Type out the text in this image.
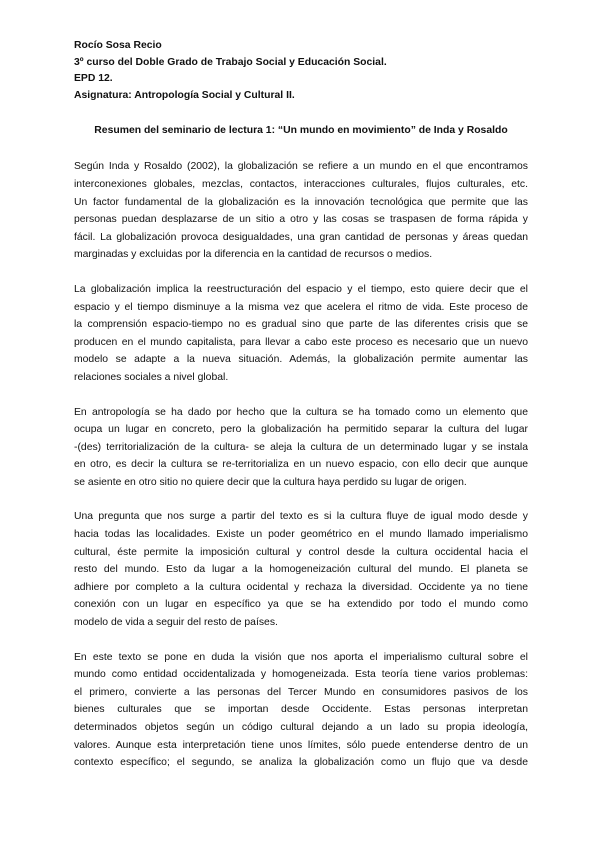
Rocío Sosa Recio

3º curso del Doble Grado de Trabajo Social y Educación Social.

EPD 12.

Asignatura: Antropología Social y Cultural II.

Resumen del seminario de lectura 1: “Un mundo en movimiento” de Inda y Rosaldo

Según Inda y Rosaldo (2002), la globalización se refiere a un mundo en el que encontramos
interconexiones globales, mezclas, contactos, interacciones culturales, flujos culturales, etc.
Un factor fundamental de la globalización es la innovación tecnológica que permite que las
personas puedan desplazarse de un sitio a otro y las cosas se traspasen de forma rápida y
fácil. La globalización provoca desigualdades, una gran cantidad de personas y áreas quedan
marginadas y excluidas por la diferencia en la cantidad de recursos o medios.
La globalización implica la reestructuración del espacio y el tiempo, esto quiere decir que el
espacio y el tiempo disminuye a la misma vez que acelera el ritmo de vida. Este proceso de
la comprensión espacio-tiempo no es gradual sino que parte de las diferentes crisis que se
producen en el mundo capitalista, para llevar a cabo este proceso es necesario que un nuevo
modelo se adapte a la nueva situación. Además, la globalización permite aumentar las
relaciones sociales a nivel global.
En antropología se ha dado por hecho que la cultura se ha tomado como un elemento que
ocupa un lugar en concreto, pero la globalización ha permitido separar la cultura del lugar
-(des) territorialización de la cultura- se aleja la cultura de un determinado lugar y se instala
en otro, es decir la cultura se re-territorializa en un nuevo espacio, con ello decir que aunque
se asiente en otro sitio no quiere decir que la cultura haya perdido su lugar de origen.
Una pregunta que nos surge a partir del texto es si la cultura fluye de igual modo desde y
hacia todas las localidades. Existe un poder geométrico en el mundo llamado imperialismo
cultural, éste permite la imposición cultural y control desde la cultura occidental hacia el
resto del mundo. Esto da lugar a la homogeneización cultural del mundo. El planeta se
adhiere por completo a la cultura ocidental y rechaza la diversidad. Occidente ya no tiene
conexión con un lugar en específico ya que se ha extendido por todo el mundo como
modelo de vida a seguir del resto de países.
En este texto se pone en duda la visión que nos aporta el imperialismo cultural sobre el
mundo como entidad occidentalizada y homogeneizada. Esta teoría tiene varios problemas:
el primero, convierte a las personas del Tercer Mundo en consumidores pasivos de los
bienes culturales que se importan desde Occidente. Estas personas interpretan
determinados objetos según un código cultural dejando a un lado su propia ideología,
valores. Aunque esta interpretación tiene unos límites, sólo puede entenderse dentro de un
contexto específico; el segundo, se analiza la globalización como un flujo que va desde
